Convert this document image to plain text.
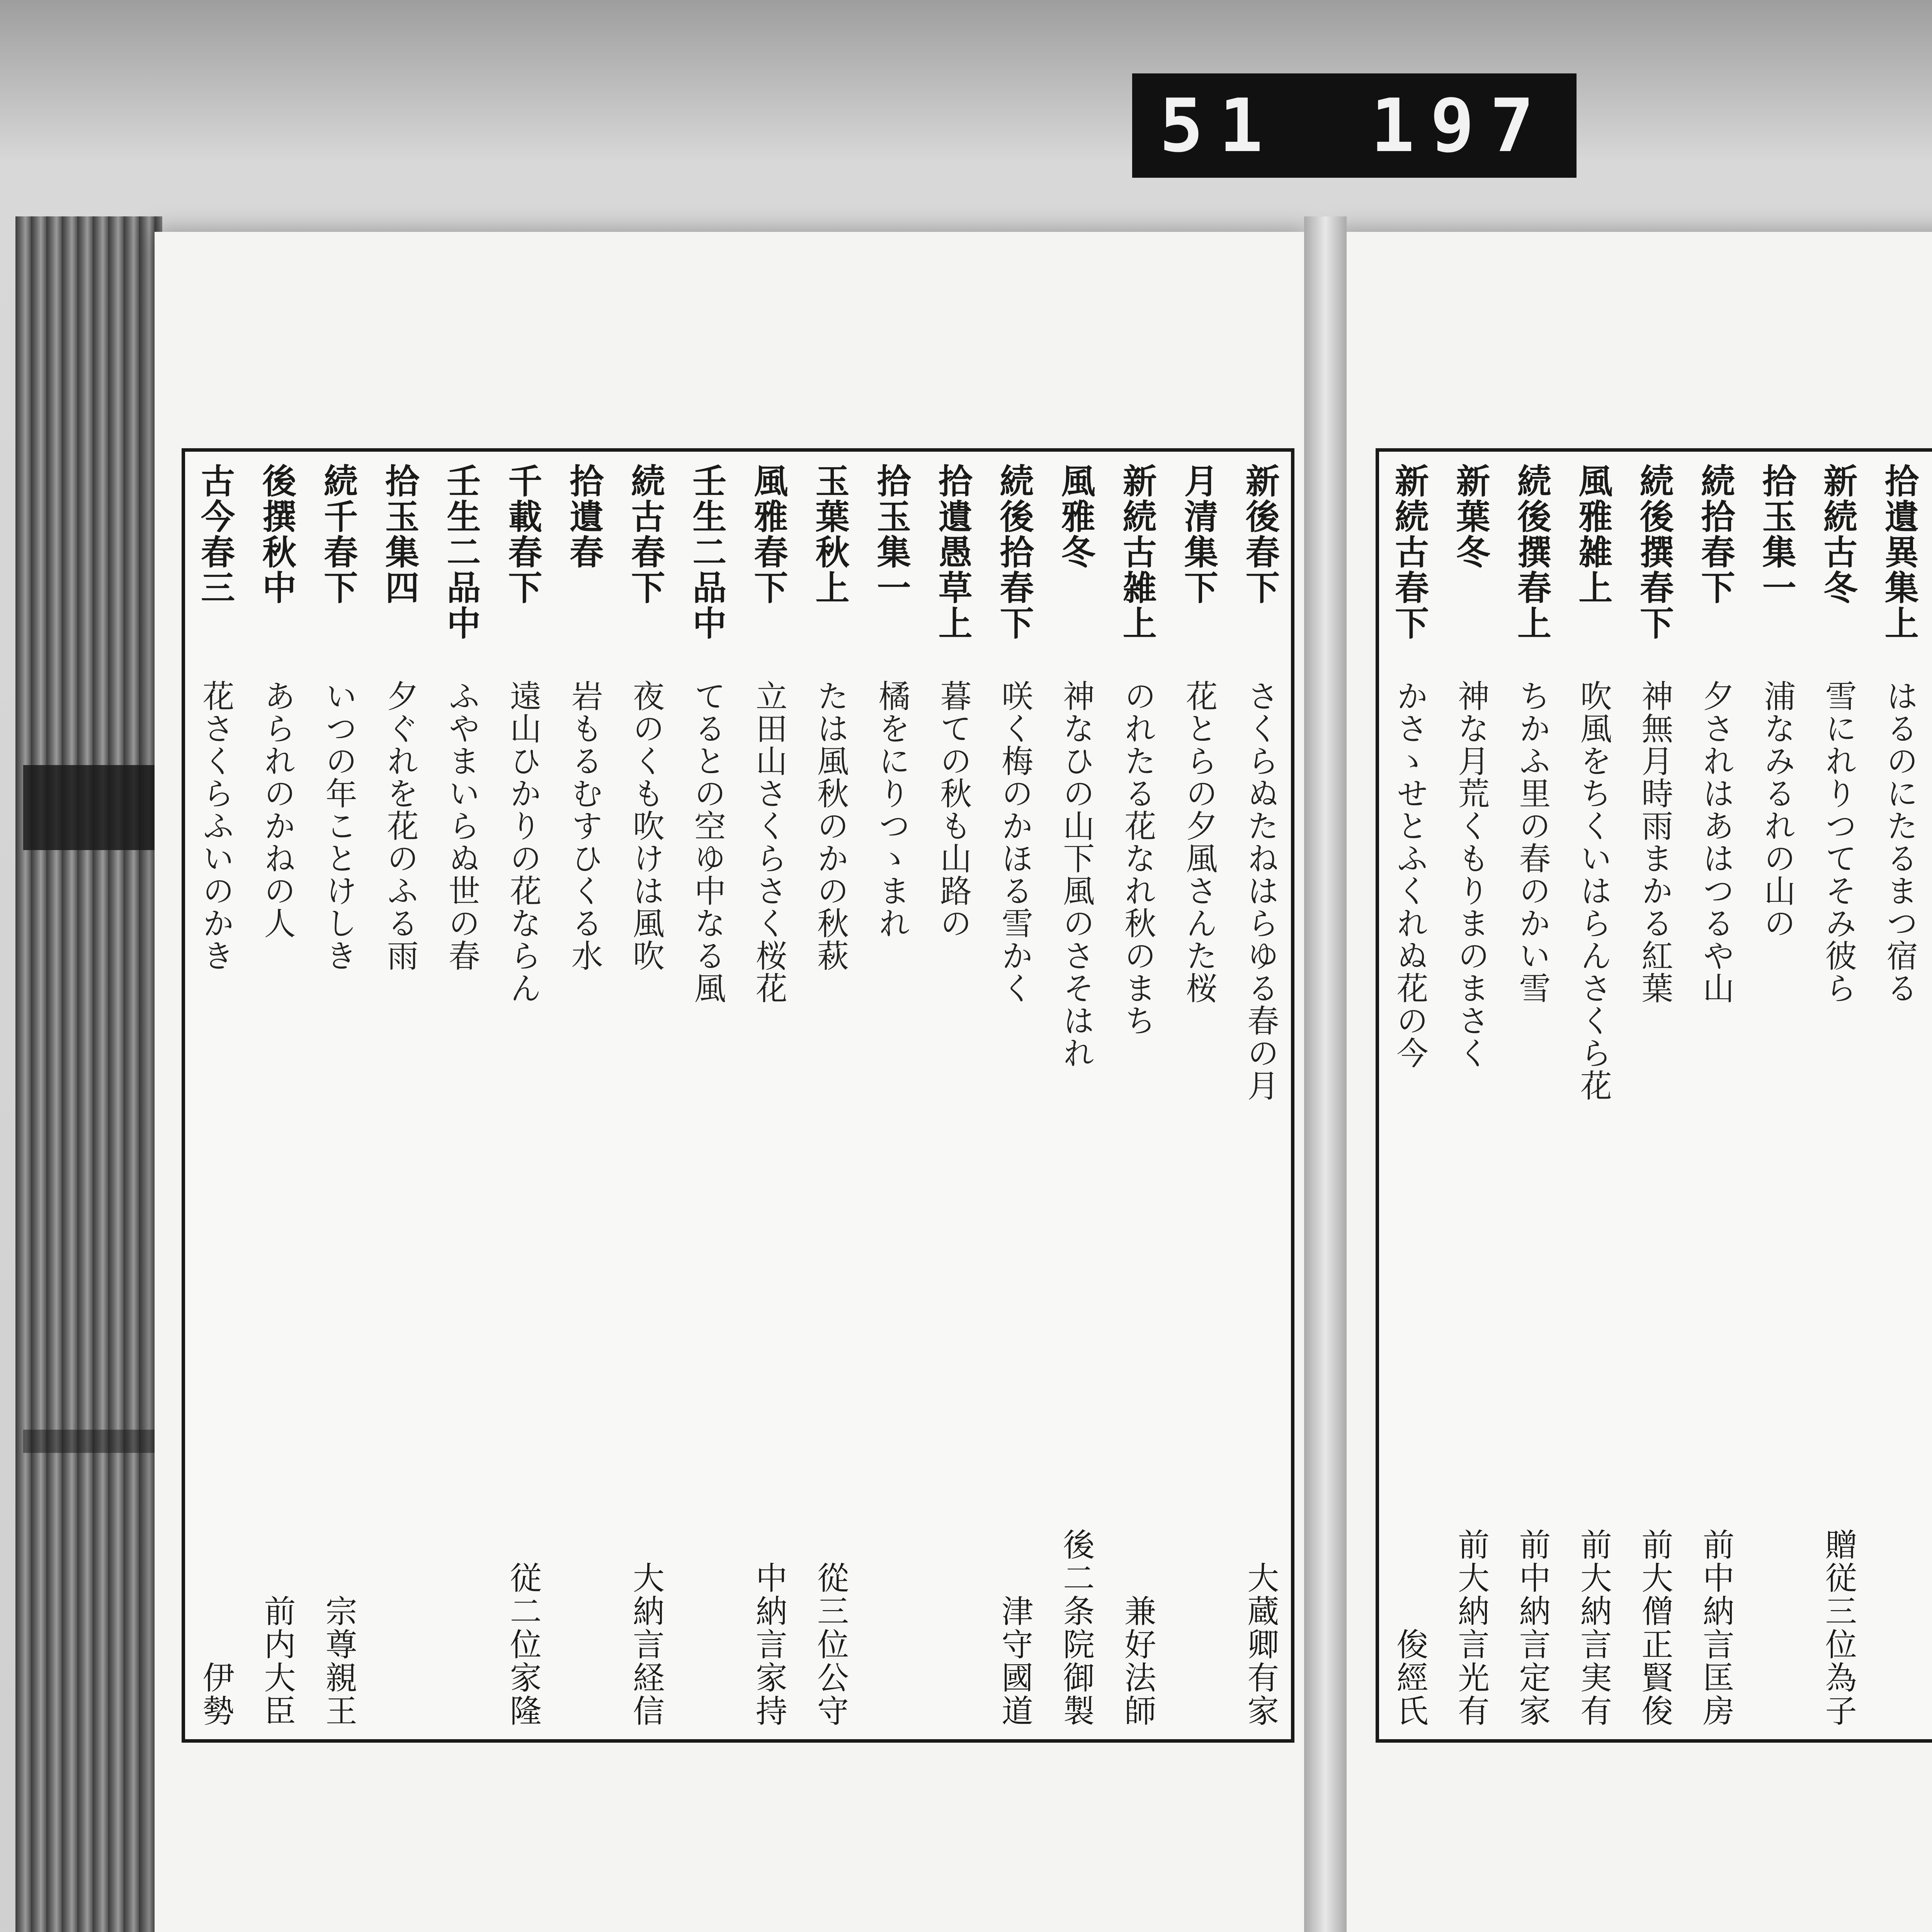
51 197
拾遺異集上
はるのにたるまつ宿る
新続古冬
雪にれりつてそみ彼ら
贈従三位為子
拾玉集一
浦なみるれの山の
続拾春下
夕されはあはつるや山
前中納言匡房
続後撰春下
神無月時雨まかる紅葉
前大僧正賢俊
風雅雑上
吹風をちくいはらんさくら花
前大納言実有
続後撰春上
ちかふ里の春のかい雪
前中納言定家
新葉冬
神な月荒くもりまのまさく
前大納言光有
新続古春下
かさゝせとふくれぬ花の今
俊經氏
新後春下
さくらぬたねはらゆる春の月
大蔵卿有家
月清集下
花とらの夕風さんた桜
新続古雑上
のれたる花なれ秋のまち
兼好法師
風雅冬
神なひの山下風のさそはれ
後二条院御製
続後拾春下
咲く梅のかほる雪かく
津守國道
拾遺愚草上
暮ての秋も山路の
拾玉集一
橘をにりつゝまれ
玉葉秋上
たは風秋のかの秋萩
從三位公守
風雅春下
立田山さくらさく桜花
中納言家持
壬生二品中
てるとの空ゆ中なる風
続古春下
夜のくも吹けは風吹
大納言経信
拾遺春
岩もるむすひくる水
千載春下
遠山ひかりの花ならん
従二位家隆
壬生二品中
ふやまいらぬ世の春
拾玉集四
夕ぐれを花のふる雨
続千春下
いつの年ことけしき
宗尊親王
後撰秋中
あられのかねの人
前内大臣
古今春三
花さくらふいのかき
伊勢
